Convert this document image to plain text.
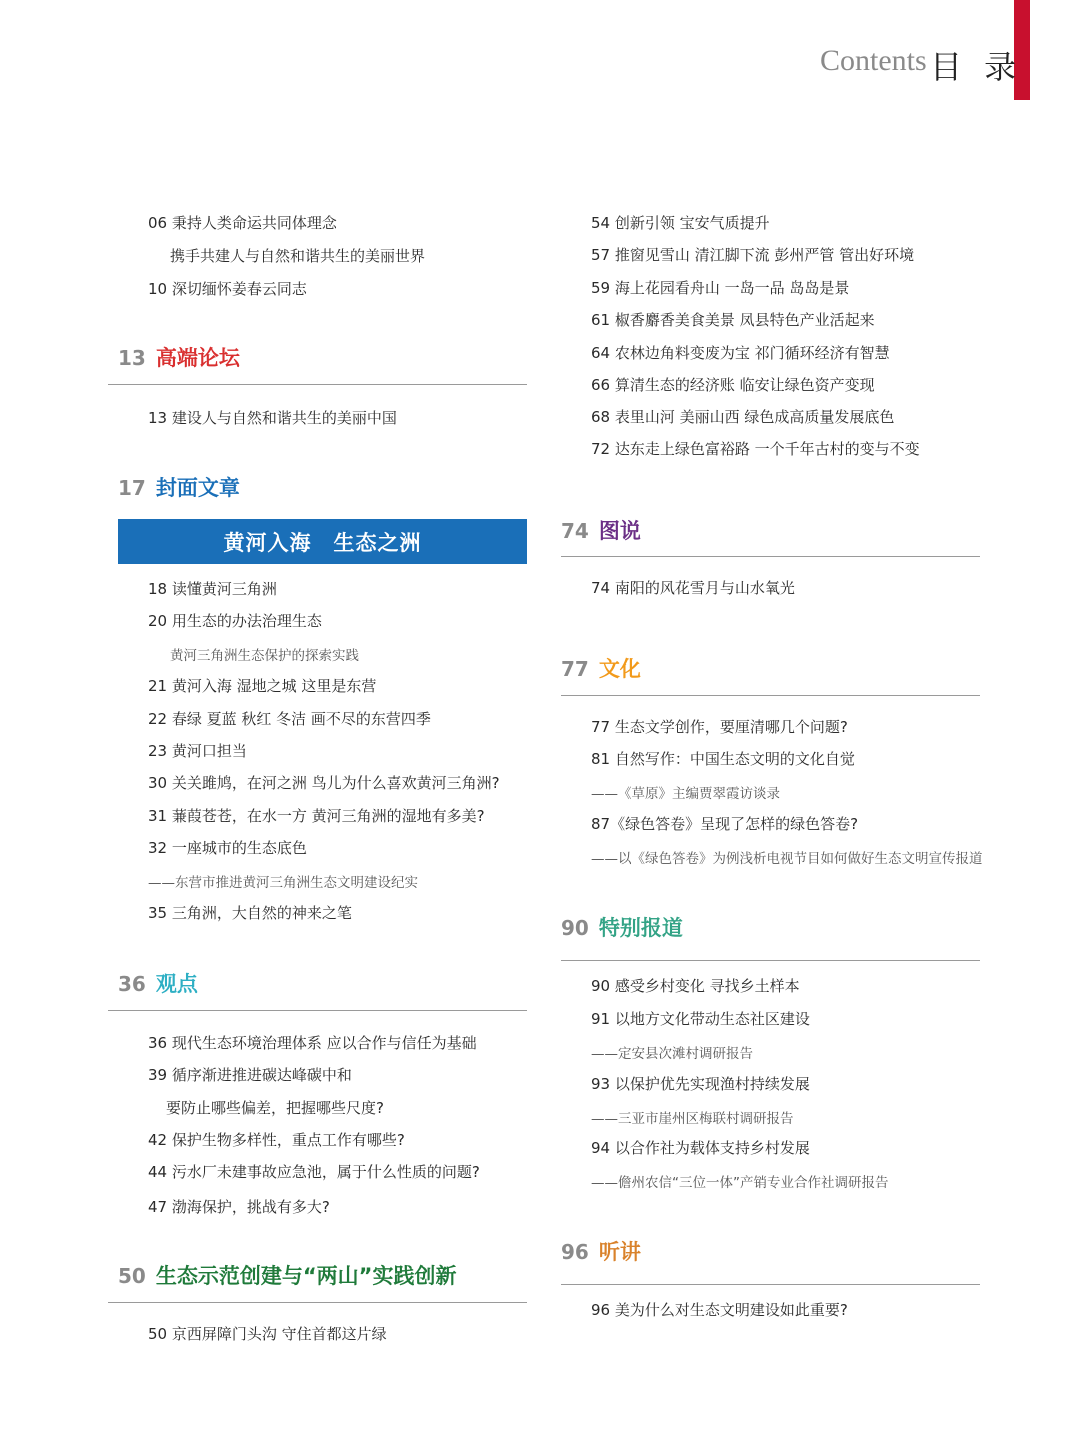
Contents 目 录
06 秉持人类命运共同体理念
携手共建人与自然和谐共生的美丽世界
10 深切缅怀姜春云同志
13 高端论坛
13 建设人与自然和谐共生的美丽中国
17 封面文章
黄河入海　生态之洲
18 读懂黄河三角洲
20 用生态的办法治理生态
黄河三角洲生态保护的探索实践
21 黄河入海 湿地之城 这里是东营
22 春绿 夏蓝 秋红 冬洁 画不尽的东营四季
23 黄河口担当
30 关关雎鸠，在河之洲 鸟儿为什么喜欢黄河三角洲?
31 蒹葭苍苍，在水一方 黄河三角洲的湿地有多美?
32 一座城市的生态底色
——东营市推进黄河三角洲生态文明建设纪实
35 三角洲，大自然的神来之笔
36 观点
36 现代生态环境治理体系 应以合作与信任为基础
39 循序渐进推进碳达峰碳中和
要防止哪些偏差，把握哪些尺度?
42 保护生物多样性，重点工作有哪些?
44 污水厂未建事故应急池，属于什么性质的问题?
47 渤海保护，挑战有多大?
50 生态示范创建与“两山”实践创新
50 京西屏障门头沟 守住首都这片绿
54 创新引领 宝安气质提升
57 推窗见雪山 清江脚下流 彭州严管 管出好环境
59 海上花园看舟山 一岛一品 岛岛是景
61 椒香麝香美食美景 凤县特色产业活起来
64 农林边角料变废为宝 祁门循环经济有智慧
66 算清生态的经济账 临安让绿色资产变现
68 表里山河 美丽山西 绿色成高质量发展底色
72 达东走上绿色富裕路 一个千年古村的变与不变
74 图说
74 南阳的风花雪月与山水氧光
77 文化
77 生态文学创作，要厘清哪几个问题?
81 自然写作：中国生态文明的文化自觉
——《草原》主编贾翠霞访谈录
87《绿色答卷》呈现了怎样的绿色答卷?
——以《绿色答卷》为例浅析电视节目如何做好生态文明宣传报道
90 特别报道
90 感受乡村变化 寻找乡土样本
91 以地方文化带动生态社区建设
——定安县次滩村调研报告
93 以保护优先实现渔村持续发展
——三亚市崖州区梅联村调研报告
94 以合作社为载体支持乡村发展
——儋州农信“三位一体”产销专业合作社调研报告
96 听讲
96 美为什么对生态文明建设如此重要?
